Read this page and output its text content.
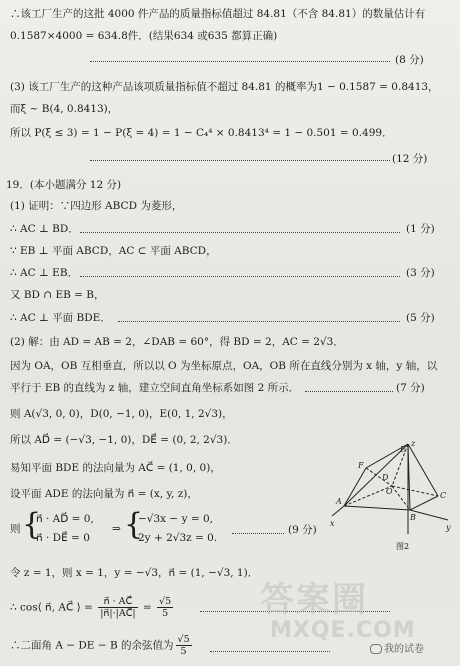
∴该工厂生产的这批 4000 件产品的质量指标值超过 84.81（不含 84.81）的数量估计有
0.1587×4000 = 634.8件．(结果634 或635 都算正确)
(8 分)
(3) 该工厂生产的这种产品该项质量指标值不超过 84.81 的概率为1 − 0.1587 = 0.8413，
而ξ ~ B(4, 0.8413)，
所以 P(ξ ≤ 3) = 1 − P(ξ = 4) = 1 − C₄⁴ × 0.8413⁴ = 1 − 0.501 = 0.499．
(12 分)
19．(本小题满分 12 分)
(1) 证明：∵四边形 ABCD 为菱形，
∴ AC ⊥ BD．	(1 分)
∵ EB ⊥ 平面 ABCD，AC ⊂ 平面 ABCD，
∴ AC ⊥ EB．	(3 分)
又 BD ∩ EB = B，
∴ AC ⊥ 平面 BDE．	(5 分)
(2) 解：由 AD = AB = 2，∠DAB = 60°，得 BD = 2，AC = 2√3．
因为 OA，OB 互相垂直，所以以 O 为坐标原点，OA，OB 所在直线分别为 x 轴，y 轴，以
平行于 EB 的直线为 z 轴，建立空间直角坐标系如图 2 所示．	(7 分)
则 A(√3, 0, 0)，D(0, −1, 0)，E(0, 1, 2√3)，
所以 AD⃗ = (−√3, −1, 0)，DE⃗ = (0, 2, 2√3)．
易知平面 BDE 的法向量为 AC⃗ = (1, 0, 0)，
设平面 ADE 的法向量为 n⃗ = (x, y, z)，
则 {
n⃗ · AD⃗ = 0,
n⃗ · DE⃗ = 0
⇒ {
−√3x − y = 0,
2y + 2√3z = 0.
(9 分)
令 z = 1，则 x = 1，y = −√3，n⃗ = (1, −√3, 1)．
∴ cos⟨ n⃗, AC⃗ ⟩ = $\frac{n⃗ \cdot AC⃗}{|n⃗|\cdot|AC⃗|} = \frac{√5}{5}$
∴二面角 A − DE − B 的余弦值为 $\frac{√5}{5}$
z
E
F
D
O	C
A
B
x	y
图2
答案圈
MXQE.COM
我的试卷
